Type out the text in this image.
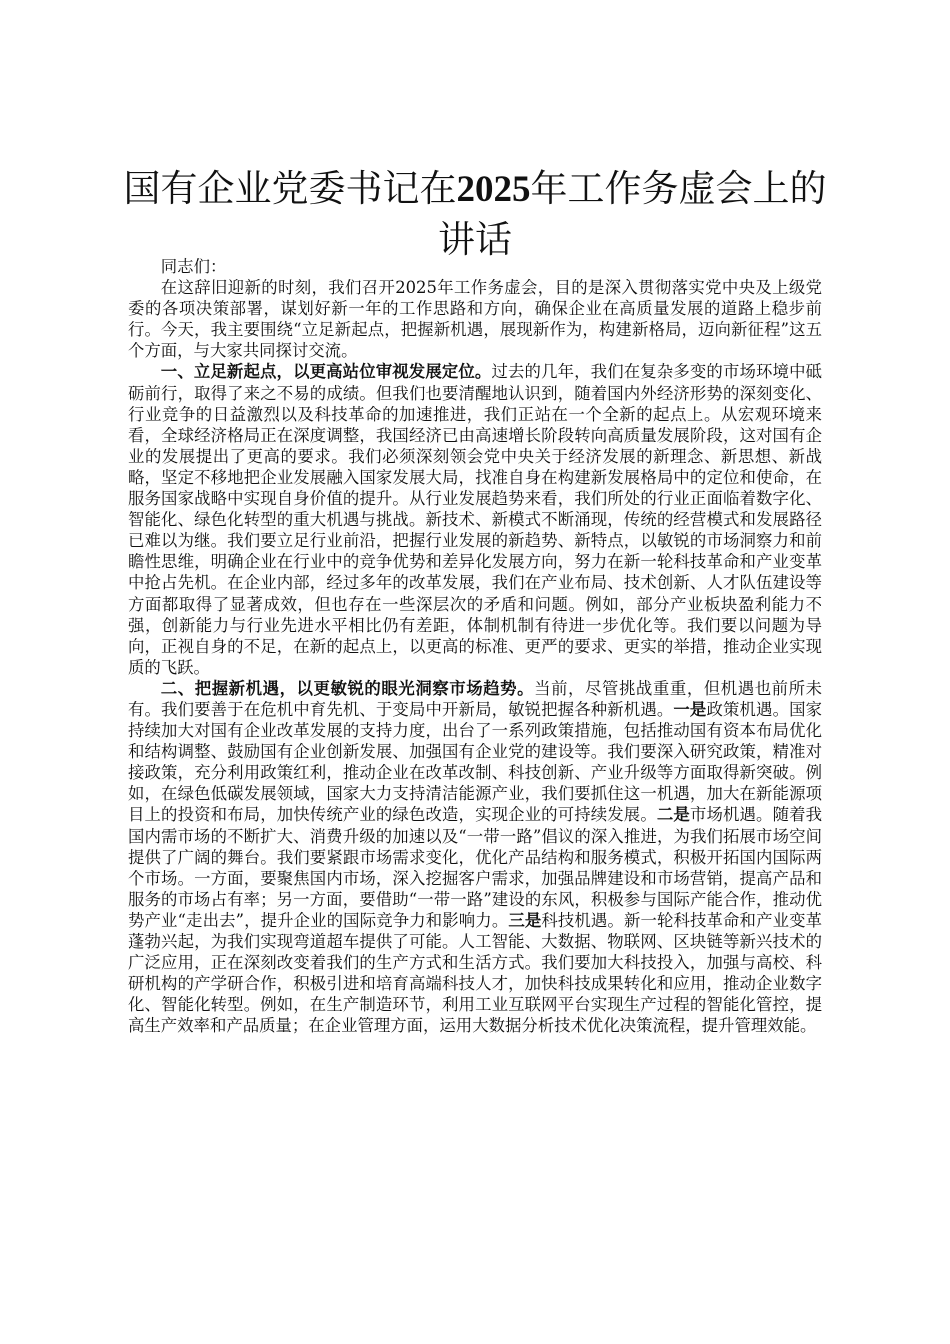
国有企业党委书记在2025年工作务虚会上的讲话

同志们：

在这辞旧迎新的时刻，我们召开2025年工作务虚会，目的是深入贯彻落实党中央及上级党委的各项决策部署，谋划好新一年的工作思路和方向，确保企业在高质量发展的道路上稳步前行。今天，我主要围绕“立足新起点，把握新机遇，展现新作为，构建新格局，迈向新征程”这五个方面，与大家共同探讨交流。

一、立足新起点，以更高站位审视发展定位。过去的几年，我们在复杂多变的市场环境中砥砺前行，取得了来之不易的成绩。但我们也要清醒地认识到，随着国内外经济形势的深刻变化、行业竞争的日益激烈以及科技革命的加速推进，我们正站在一个全新的起点上。从宏观环境来看，全球经济格局正在深度调整，我国经济已由高速增长阶段转向高质量发展阶段，这对国有企业的发展提出了更高的要求。我们必须深刻领会党中央关于经济发展的新理念、新思想、新战略，坚定不移地把企业发展融入国家发展大局，找准自身在构建新发展格局中的定位和使命，在服务国家战略中实现自身价值的提升。从行业发展趋势来看，我们所处的行业正面临着数字化、智能化、绿色化转型的重大机遇与挑战。新技术、新模式不断涌现，传统的经营模式和发展路径已难以为继。我们要立足行业前沿，把握行业发展的新趋势、新特点，以敏锐的市场洞察力和前瞻性思维，明确企业在行业中的竞争优势和差异化发展方向，努力在新一轮科技革命和产业变革中抢占先机。在企业内部，经过多年的改革发展，我们在产业布局、技术创新、人才队伍建设等方面都取得了显著成效，但也存在一些深层次的矛盾和问题。例如，部分产业板块盈利能力不强，创新能力与行业先进水平相比仍有差距，体制机制有待进一步优化等。我们要以问题为导向，正视自身的不足，在新的起点上，以更高的标准、更严的要求、更实的举措，推动企业实现质的飞跃。

二、把握新机遇，以更敏锐的眼光洞察市场趋势。当前，尽管挑战重重，但机遇也前所未有。我们要善于在危机中育先机、于变局中开新局，敏锐把握各种新机遇。一是政策机遇。国家持续加大对国有企业改革发展的支持力度，出台了一系列政策措施，包括推动国有资本布局优化和结构调整、鼓励国有企业创新发展、加强国有企业党的建设等。我们要深入研究政策，精准对接政策，充分利用政策红利，推动企业在改革改制、科技创新、产业升级等方面取得新突破。例如，在绿色低碳发展领域，国家大力支持清洁能源产业，我们要抓住这一机遇，加大在新能源项目上的投资和布局，加快传统产业的绿色改造，实现企业的可持续发展。二是市场机遇。随着我国内需市场的不断扩大、消费升级的加速以及“一带一路”倡议的深入推进，为我们拓展市场空间提供了广阔的舞台。我们要紧跟市场需求变化，优化产品结构和服务模式，积极开拓国内国际两个市场。一方面，要聚焦国内市场，深入挖掘客户需求，加强品牌建设和市场营销，提高产品和服务的市场占有率；另一方面，要借助“一带一路”建设的东风，积极参与国际产能合作，推动优势产业“走出去”，提升企业的国际竞争力和影响力。三是科技机遇。新一轮科技革命和产业变革蓬勃兴起，为我们实现弯道超车提供了可能。人工智能、大数据、物联网、区块链等新兴技术的广泛应用，正在深刻改变着我们的生产方式和生活方式。我们要加大科技投入，加强与高校、科研机构的产学研合作，积极引进和培育高端科技人才，加快科技成果转化和应用，推动企业数字化、智能化转型。例如，在生产制造环节，利用工业互联网平台实现生产过程的智能化管控，提高生产效率和产品质量；在企业管理方面，运用大数据分析技术优化决策流程，提升管理效能。
